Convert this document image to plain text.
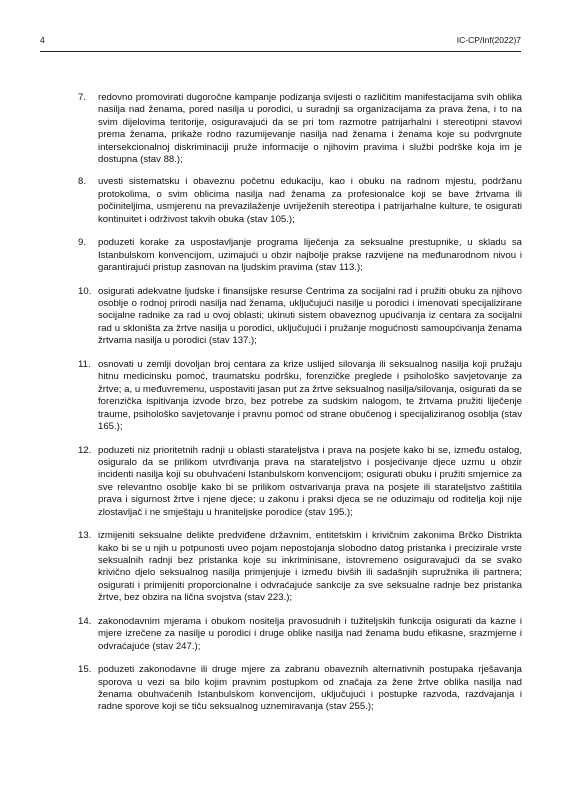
4	IC-CP/Inf(2022)7
7. redovno promovirati dugoročne kampanje podizanja svijesti o različitim manifestacijama svih oblika nasilja nad ženama, pored nasilja u porodici, u suradnji sa organizacijama za prava žena, i to na svim dijelovima teritorije, osiguravajući da se pri tom razmotre patrijarhalni i stereotipni stavovi prema ženama, prikaže rodno razumijevanje nasilja nad ženama i ženama koje su podvrgnute intersekcionalnoj diskriminaciji pruže informacije o njihovim pravima i službi podrške koja im je dostupna (stav 88.);
8. uvesti sistematsku i obaveznu početnu edukaciju, kao i obuku na radnom mjestu, podržanu protokolima, o svim oblicima nasilja nad ženama za profesionalce koji se bave žrtvama ili počiniteljima, usmjerenu na prevazilaženje uvriježenih stereotipa i patrijarhalne kulture, te osigurati kontinuitet i održivost takvih obuka (stav 105.);
9. poduzeti korake za uspostavljanje programa liječenja za seksualne prestupnike, u skladu sa Istanbulskom konvencijom, uzimajući u obzir najbolje prakse razvijene na međunarodnom nivou i garantirajući pristup zasnovan na ljudskim pravima (stav 113.);
10. osigurati adekvatne ljudske i finansijske resurse Centrima za socijalni rad i pružiti obuku za njihovo osoblje o rodnoj prirodi nasilja nad ženama, uključujući nasilje u porodici i imenovati specijalizirane socijalne radnike za rad u ovoj oblasti; ukinuti sistem obaveznog upućivanja iz centara za socijalni rad u skloništa za žrtve nasilja u porodici, uključujući i pružanje mogućnosti samoupćivanja ženama žrtvama nasilja u porodici (stav 137.);
11. osnovati u zemlji dovoljan broj centara za krize uslijed silovanja ili seksualnog nasilja koji pružaju hitnu medicinsku pomoć, traumatsku podršku, forenzičke preglede i psihološko savjetovanje za žrtve; a, u međuvremenu, uspostaviti jasan put za žrtve seksualnog nasilja/silovanja, osigurati da se forenzička ispitivanja izvode brzo, bez potrebe za sudskim nalogom, te žrtvama pružiti liječenje traume, psihološko savjetovanje i pravnu pomoć od strane obučenog i specijaliziranog osoblja (stav 165.);
12. poduzeti niz prioritetnih radnji u oblasti starateljstva i prava na posjete kako bi se, između ostalog, osiguralo da se prilikom utvrđivanja prava na starateljstvo i posjećivanje djece uzmu u obzir incidenti nasilja koji su obuhvaćeni Istanbulskom konvencijom; osigurati obuku i pružiti smjernice za sve relevantno osoblje kako bi se prilikom ostvarivanja prava na posjete ili starateljstvo zaštitila prava i sigurnost žrtve i njene djece; u zakonu i praksi djeca se ne oduzimaju od roditelja koji nije zlostavljač i ne smještaju u hraniteljske porodice (stav 195.);
13. izmijeniti seksualne delikte predviđene državnim, entitetskim i krivičnim zakonima Brčko Distrikta kako bi se u njih u potpunosti uveo pojam nepostojanja slobodno datog pristanka i precizirale vrste seksualnih radnji bez pristanka koje su inkriminisane, istovremeno osiguravajući da se svako krivično djelo seksualnog nasilja primjenjuje i između bivših ili sadašnjih supružnika ili partnera; osigurati i primijeniti proporcionalne i odvraćajuće sankcije za sve seksualne radnje bez pristanka žrtve, bez obzira na lična svojstva (stav 223.);
14. zakonodavnim mjerama i obukom nositelja pravosudnih i tužiteljskih funkcija osigurati da kazne i mjere izrečene za nasilje u porodici i druge oblike nasilja nad ženama budu efikasne, srazmjerne i odvraćajuće (stav 247.);
15. poduzeti zakonodavne ili druge mjere za zabranu obaveznih alternativnih postupaka rješavanja sporova u vezi sa bilo kojim pravnim postupkom od značaja za žene žrtve oblika nasilja nad ženama obuhvaćenih Istanbulskom konvencijom, uključujući i postupke razvoda, razdvajanja i radne sporove koji se tiču seksualnog uznemiravanja (stav 255.);
